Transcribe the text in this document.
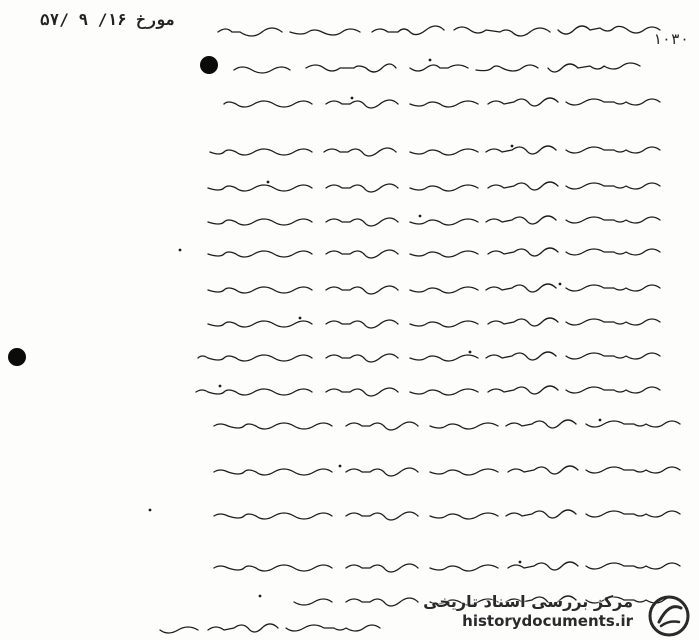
۱۰۳۰
مورخ ۱۶/ ۹ /۵۷
مرکز بررسی اسناد تاریخی
historydocuments.ir
